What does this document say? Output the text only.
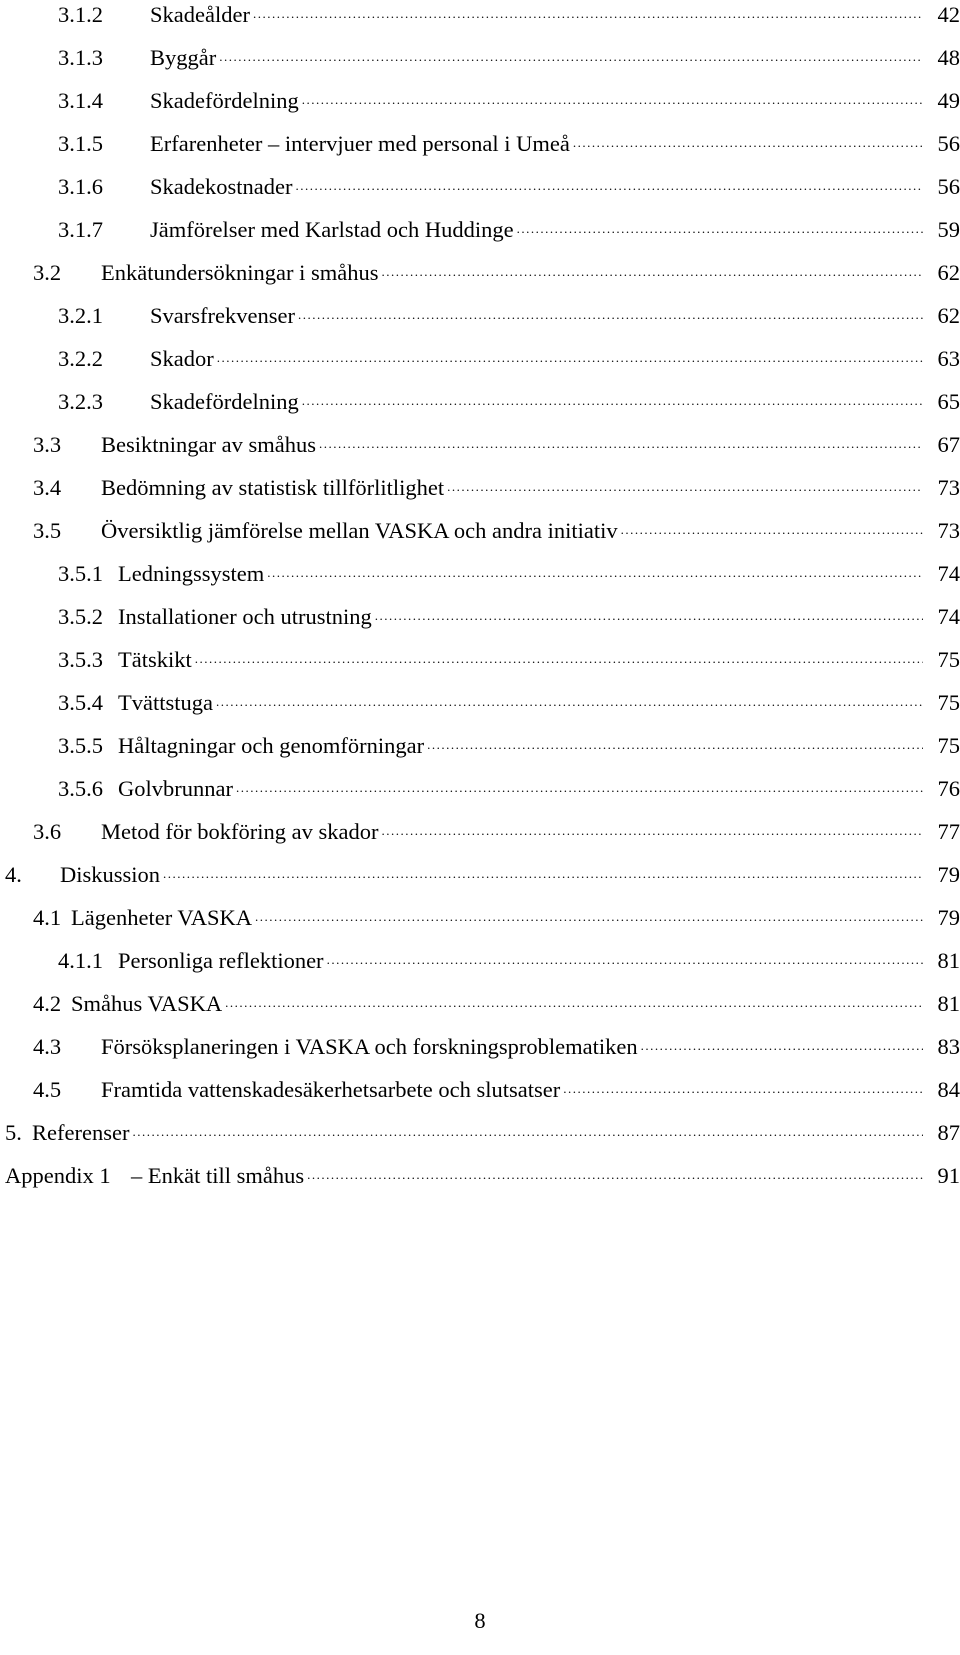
3.1.2	Skadeålder .....	42
3.1.3	Byggår .....	48
3.1.4	Skadefördelning .....	49
3.1.5	Erfarenheter – intervjuer med personal i Umeå .....	56
3.1.6	Skadekostnader .....	56
3.1.7	Jämförelser med Karlstad och Huddinge .....	59
3.2	Enkätundersökningar i småhus .....	62
3.2.1	Svarsfrekvenser .....	62
3.2.2	Skador .....	63
3.2.3	Skadefördelning .....	65
3.3	Besiktningar av småhus .....	67
3.4	Bedömning av statistisk tillförlitlighet .....	73
3.5	Översiktlig jämförelse mellan VASKA och andra initiativ .....	73
3.5.1 Ledningssystem .....	74
3.5.2 Installationer och utrustning .....	74
3.5.3 Tätskikt .....	75
3.5.4 Tvättstuga .....	75
3.5.5 Håltagningar och genomförningar .....	75
3.5.6 Golvbrunnar .....	76
3.6	Metod för bokföring av skador .....	77
4.	Diskussion .....	79
4.1 Lägenheter VASKA .....	79
4.1.1 Personliga reflektioner .....	81
4.2 Småhus VASKA .....	81
4.3	Försöksplaneringen i VASKA och forskningsproblematiken .....	83
4.5	Framtida vattenskadesäkerhetsarbete och slutsatser .....	84
5. Referenser .....	87
Appendix 1 – Enkät till småhus .....	91
8
